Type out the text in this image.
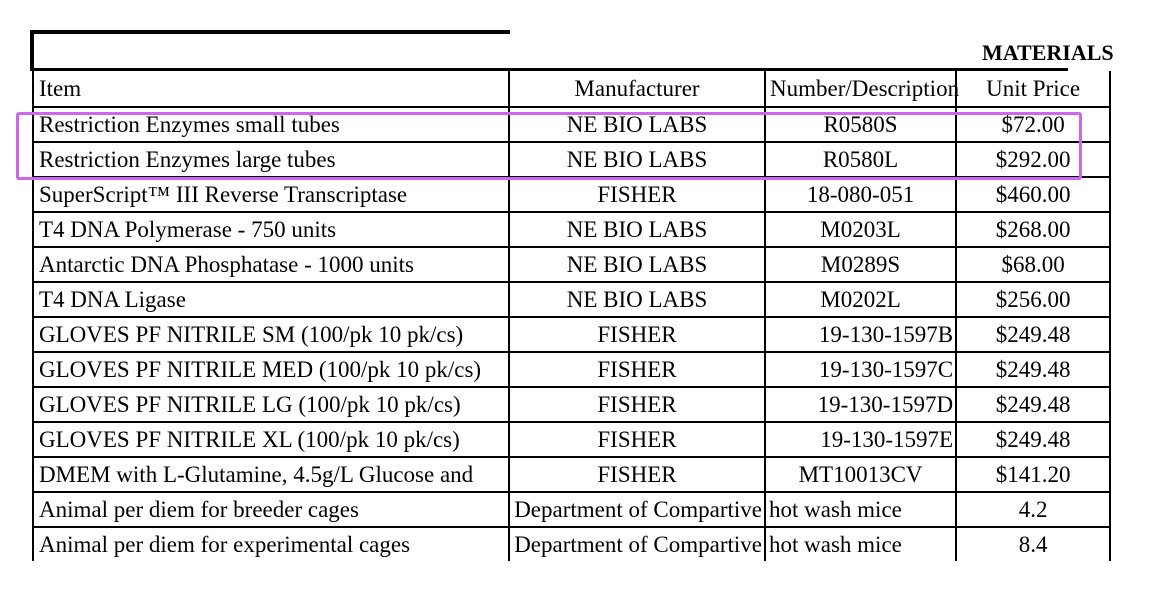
MATERIALS
Item	Manufacturer	Number/Description	Unit Price
Restriction Enzymes small tubes	NE BIO LABS	R0580S	$72.00
Restriction Enzymes large tubes	NE BIO LABS	R0580L	$292.00
SuperScript™ III Reverse Transcriptase	FISHER	18-080-051	$460.00
T4 DNA Polymerase - 750 units	NE BIO LABS	M0203L	$268.00
Antarctic DNA Phosphatase - 1000 units	NE BIO LABS	M0289S	$68.00
T4 DNA Ligase	NE BIO LABS	M0202L	$256.00
GLOVES PF NITRILE SM (100/pk 10 pk/cs)	FISHER	19-130-1597B	$249.48
GLOVES PF NITRILE MED (100/pk 10 pk/cs)	FISHER	19-130-1597C	$249.48
GLOVES PF NITRILE LG (100/pk 10 pk/cs)	FISHER	19-130-1597D	$249.48
GLOVES PF NITRILE XL (100/pk 10 pk/cs)	FISHER	19-130-1597E	$249.48
DMEM with L-Glutamine, 4.5g/L Glucose and	FISHER	MT10013CV	$141.20
Animal per diem for breeder cages	Department of Compartive	hot wash mice	4.2
Animal per diem for experimental cages	Department of Compartive	hot wash mice	8.4
